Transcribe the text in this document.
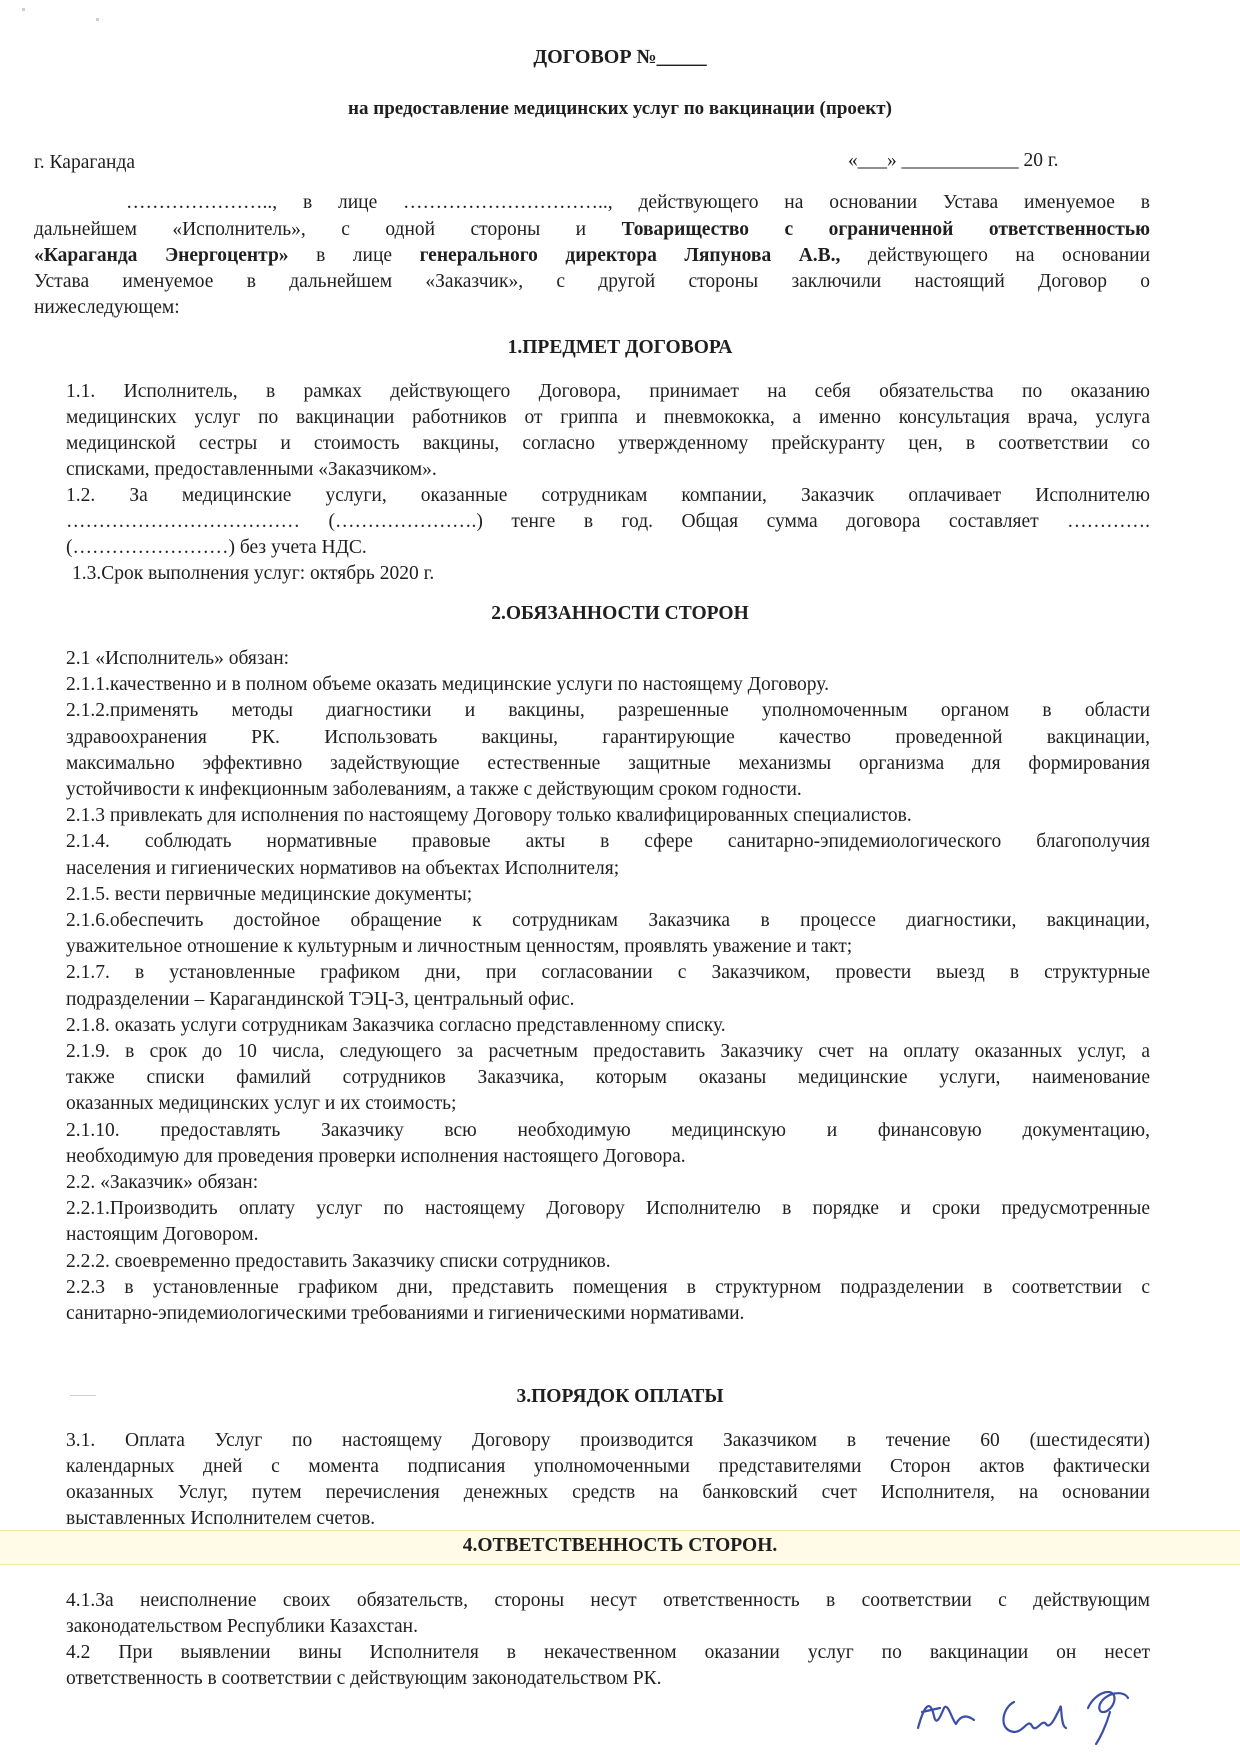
ДОГОВОР №_____
на предоставление медицинских услуг по вакцинации (проект)
г. Караганда	«___» ____________ 20 г.
………………….., в лице ………………………….., действующего на основании Устава именуемое в
дальнейшем «Исполнитель», с одной стороны и Товарищество с ограниченной ответственностью
«Караганда Энергоцентр» в лице генерального директора Ляпунова А.В., действующего на основании
Устава именуемое в дальнейшем «Заказчик», с другой стороны заключили настоящий Договор о
нижеследующем:
1.ПРЕДМЕТ ДОГОВОРА
1.1. Исполнитель, в рамках действующего Договора, принимает на себя обязательства по оказанию
медицинских услуг по вакцинации работников от гриппа и пневмококка, а именно консультация врача, услуга
медицинской сестры и стоимость вакцины, согласно утвержденному прейскуранту цен, в соответствии со
списками, предоставленными «Заказчиком».
1.2. За медицинские услуги, оказанные сотрудникам компании, Заказчик оплачивает Исполнителю
……………………………… (………………….) тенге в год. Общая сумма договора составляет ………….
(……………………) без учета НДС.
1.3.Срок выполнения услуг: октябрь 2020 г.
2.ОБЯЗАННОСТИ СТОРОН
2.1 «Исполнитель» обязан:
2.1.1.качественно и в полном объеме оказать медицинские услуги по настоящему Договору.
2.1.2.применять методы диагностики и вакцины, разрешенные уполномоченным органом в области
здравоохранения РК. Использовать вакцины, гарантирующие качество проведенной вакцинации,
максимально эффективно задействующие естественные защитные механизмы организма для формирования
устойчивости к инфекционным заболеваниям, а также с действующим сроком годности.
2.1.3 привлекать для исполнения по настоящему Договору только квалифицированных специалистов.
2.1.4. соблюдать нормативные правовые акты в сфере санитарно-эпидемиологического благополучия
населения и гигиенических нормативов на объектах Исполнителя;
2.1.5. вести первичные медицинские документы;
2.1.6.обеспечить достойное обращение к сотрудникам Заказчика в процессе диагностики, вакцинации,
уважительное отношение к культурным и личностным ценностям, проявлять уважение и такт;
2.1.7. в установленные графиком дни, при согласовании с Заказчиком, провести выезд в структурные
подразделении – Карагандинской ТЭЦ-3, центральный офис.
2.1.8. оказать услуги сотрудникам Заказчика согласно представленному списку.
2.1.9. в срок до 10 числа, следующего за расчетным предоставить Заказчику счет на оплату оказанных услуг, а
также списки фамилий сотрудников Заказчика, которым оказаны медицинские услуги, наименование
оказанных медицинских услуг и их стоимость;
2.1.10. предоставлять Заказчику всю необходимую медицинскую и финансовую документацию,
необходимую для проведения проверки исполнения настоящего Договора.
2.2. «Заказчик» обязан:
2.2.1.Производить оплату услуг по настоящему Договору Исполнителю в порядке и сроки предусмотренные
настоящим Договором.
2.2.2. своевременно предоставить Заказчику списки сотрудников.
2.2.3 в установленные графиком дни, представить помещения в структурном подразделении в соответствии с
санитарно-эпидемиологическими требованиями и гигиеническими нормативами.
3.ПОРЯДОК ОПЛАТЫ
3.1. Оплата Услуг по настоящему Договору производится Заказчиком в течение 60 (шестидесяти)
календарных дней с момента подписания уполномоченными представителями Сторон актов фактически
оказанных Услуг, путем перечисления денежных средств на банковский счет Исполнителя, на основании
выставленных Исполнителем счетов.
4.ОТВЕТСТВЕННОСТЬ СТОРОН.
4.1.За неисполнение своих обязательств, стороны несут ответственность в соответствии с действующим
законодательством Республики Казахстан.
4.2 При выявлении вины Исполнителя в некачественном оказании услуг по вакцинации он несет
ответственность в соответствии с действующим законодательством РК.
